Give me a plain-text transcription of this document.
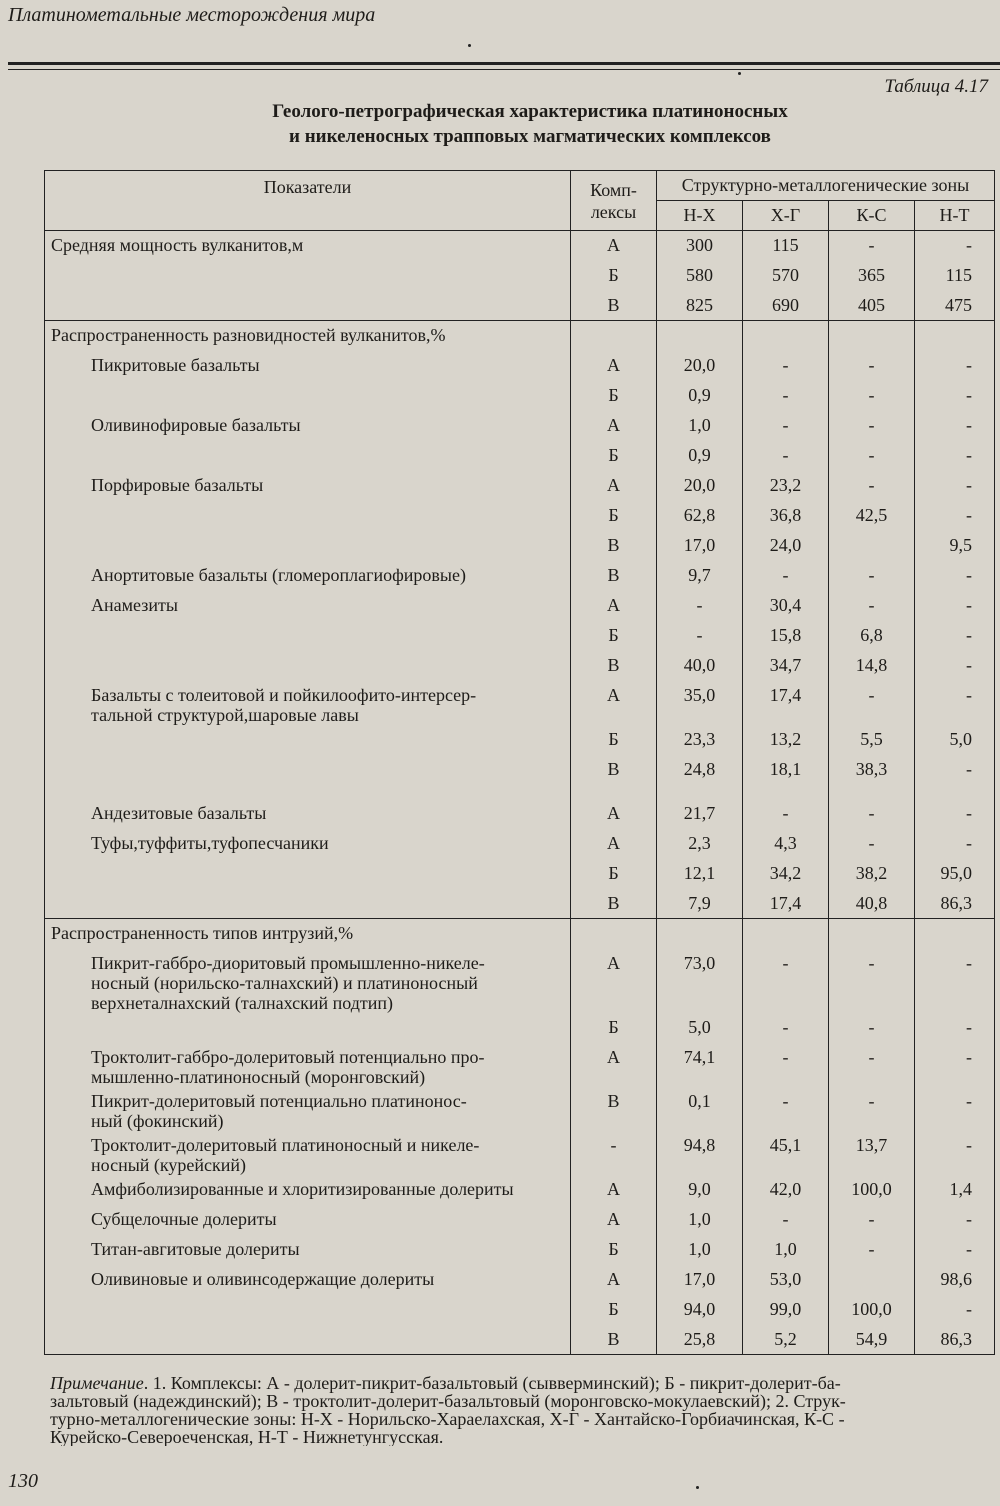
Платинометальные месторождения мира
Таблица 4.17
Геолого-петрографическая характеристика платиноносных
и никеленосных трапповых магматических комплексов
Показатели	Комп-
лексы	Структурно-металлогенические зоны			
		Н-Х	Х-Г	К-С	Н-Т

Средняя мощность вулканитов,м	А	300	115	-	-

	Б	580	570	365	115

	В	825	690	405	475

Распространенность разновидностей вулканитов,%					

Пикритовые базальты	А	20,0	-	-	-

	Б	0,9	-	-	-

Оливинофировые базальты	А	1,0	-	-	-

	Б	0,9	-	-	-

Порфировые базальты	А	20,0	23,2	-	-

	Б	62,8	36,8	42,5	-

	В	17,0	24,0		9,5

Анортитовые базальты (гломероплагиофировые)	В	9,7	-	-	-

Анамезиты	А	-	30,4	-	-

	Б	-	15,8	6,8	-

	В	40,0	34,7	14,8	-

Базальты с толеитовой и пойкилоофито-интерсер-
тальной структурой,шаровые лавы	А	35,0	17,4	-	-

	Б	23,3	13,2	5,5	5,0

	В	24,8	18,1	38,3	-

Андезитовые базальты	А	21,7	-	-	-

Туфы,туффиты,туфопесчаники	А	2,3	4,3	-	-

	Б	12,1	34,2	38,2	95,0

	В	7,9	17,4	40,8	86,3

Распространенность типов интрузий,%					

Пикрит-габбро-диоритовый промышленно-никеле-
носный (норильско-талнахский) и платиноносный
верхнеталнахский (талнахский подтип)	А	73,0	-	-	-

	Б	5,0	-	-	-

Троктолит-габбро-долеритовый потенциально про-
мышленно-платиноносный (моронговский)	А	74,1	-	-	-

Пикрит-долеритовый потенциально платинонос-
ный (фокинский)	В	0,1	-	-	-

Троктолит-долеритовый платиноносный и никеле-
носный (курейский)	-	94,8	45,1	13,7	-

Амфиболизированные и хлоритизированные долериты	А	9,0	42,0	100,0	1,4

Субщелочные долериты	А	1,0	-	-	-

Титан-авгитовые долериты	Б	1,0	1,0	-	-

Оливиновые и оливинсодержащие долериты	А	17,0	53,0		98,6

	Б	94,0	99,0	100,0	-

	В	25,8	5,2	54,9	86,3
Примечание. 1. Комплексы: А - долерит-пикрит-базальтовый (сывверминский); Б - пикрит-долерит-ба-
зальтовый (надеждинский); В - троктолит-долерит-базальтовый (моронговско-мокулаевский); 2. Струк-
турно-металлогенические зоны: Н-Х - Норильско-Хараелахская, Х-Г - Хантайско-Горбиачинская, К-С -
Курейско-Североеченская, Н-Т - Нижнетунгусская.
130
